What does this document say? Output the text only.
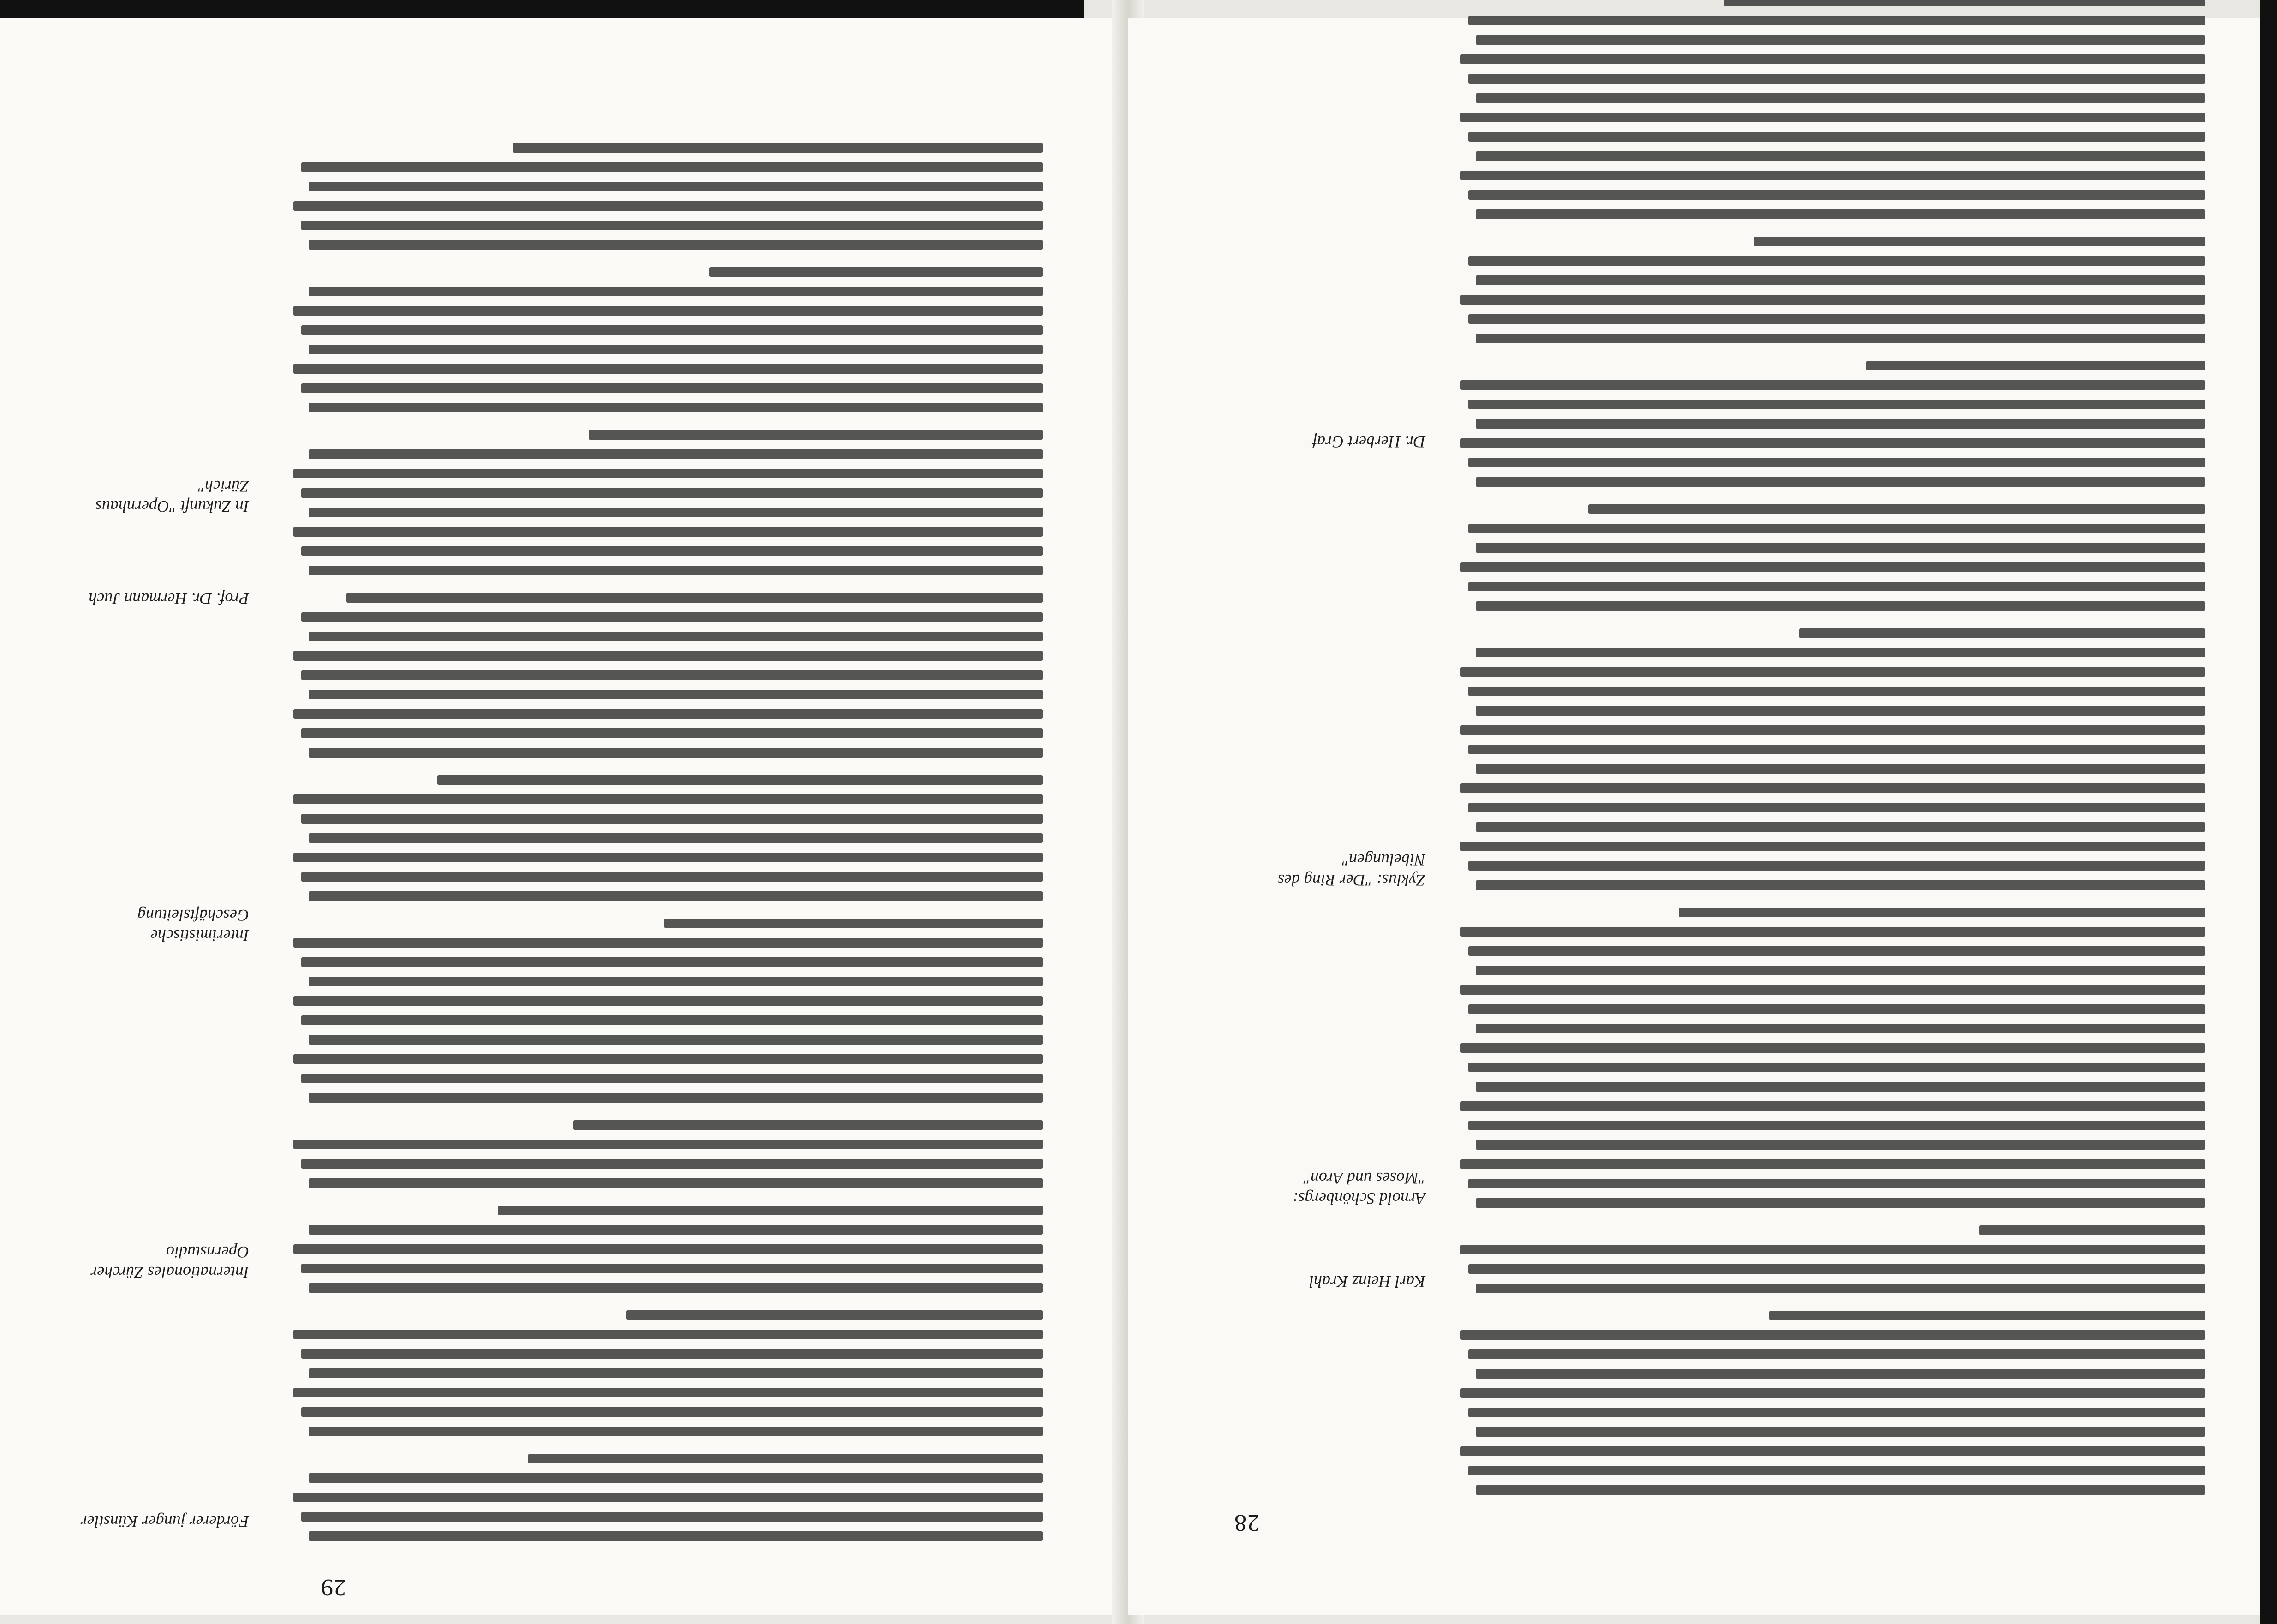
29
Förderer junger Künstler
Internationales Zürcher Opernstudio
Interimistische Geschäftsleitung
Prof. Dr. Hermann Juch
In Zukunft "Opernhaus Zürich"
28
Karl Heinz Krahl
Arnold Schönbergs: "Moses und Aron"
Zyklus: "Der Ring des Nibelungen"
Dr. Herbert Graf
